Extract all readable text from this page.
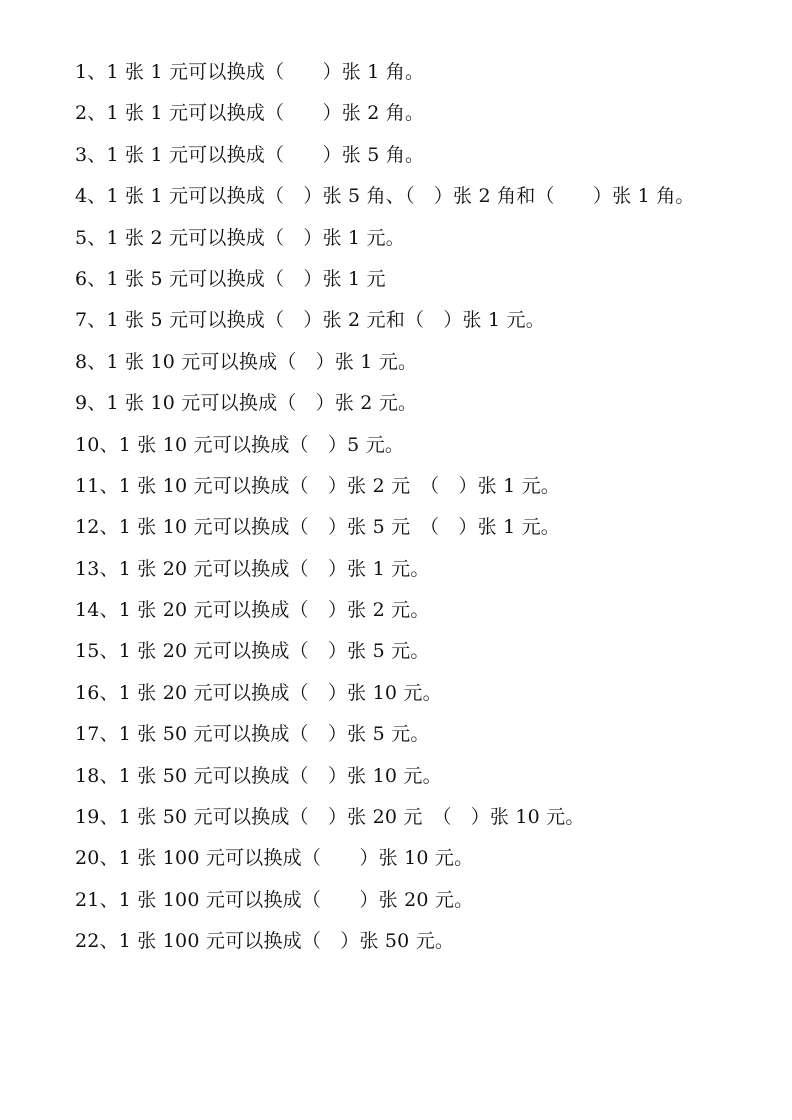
1、1 张 1 元可以换成（　　）张 1 角。
2、1 张 1 元可以换成（　　）张 2 角。
3、1 张 1 元可以换成（　　）张 5 角。
4、1 张 1 元可以换成（　）张 5 角、（　）张 2 角和（　　）张 1 角。
5、1 张 2 元可以换成（　）张 1 元。
6、1 张 5 元可以换成（　）张 1 元
7、1 张 5 元可以换成（　）张 2 元和（　）张 1 元。
8、1 张 10 元可以换成（　）张 1 元。
9、1 张 10 元可以换成（　）张 2 元。
10、1 张 10 元可以换成（　）5 元。
11、1 张 10 元可以换成（　）张 2 元　（　）张 1 元。
12、1 张 10 元可以换成（　）张 5 元　（　）张 1 元。
13、1 张 20 元可以换成（　）张 1 元。
14、1 张 20 元可以换成（　）张 2 元。
15、1 张 20 元可以换成（　）张 5 元。
16、1 张 20 元可以换成（　）张 10 元。
17、1 张 50 元可以换成（　）张 5 元。
18、1 张 50 元可以换成（　）张 10 元。
19、1 张 50 元可以换成（　）张 20 元　（　）张 10 元。
20、1 张 100 元可以换成（　　）张 10 元。
21、1 张 100 元可以换成（　　）张 20 元。
22、1 张 100 元可以换成（　）张 50 元。
